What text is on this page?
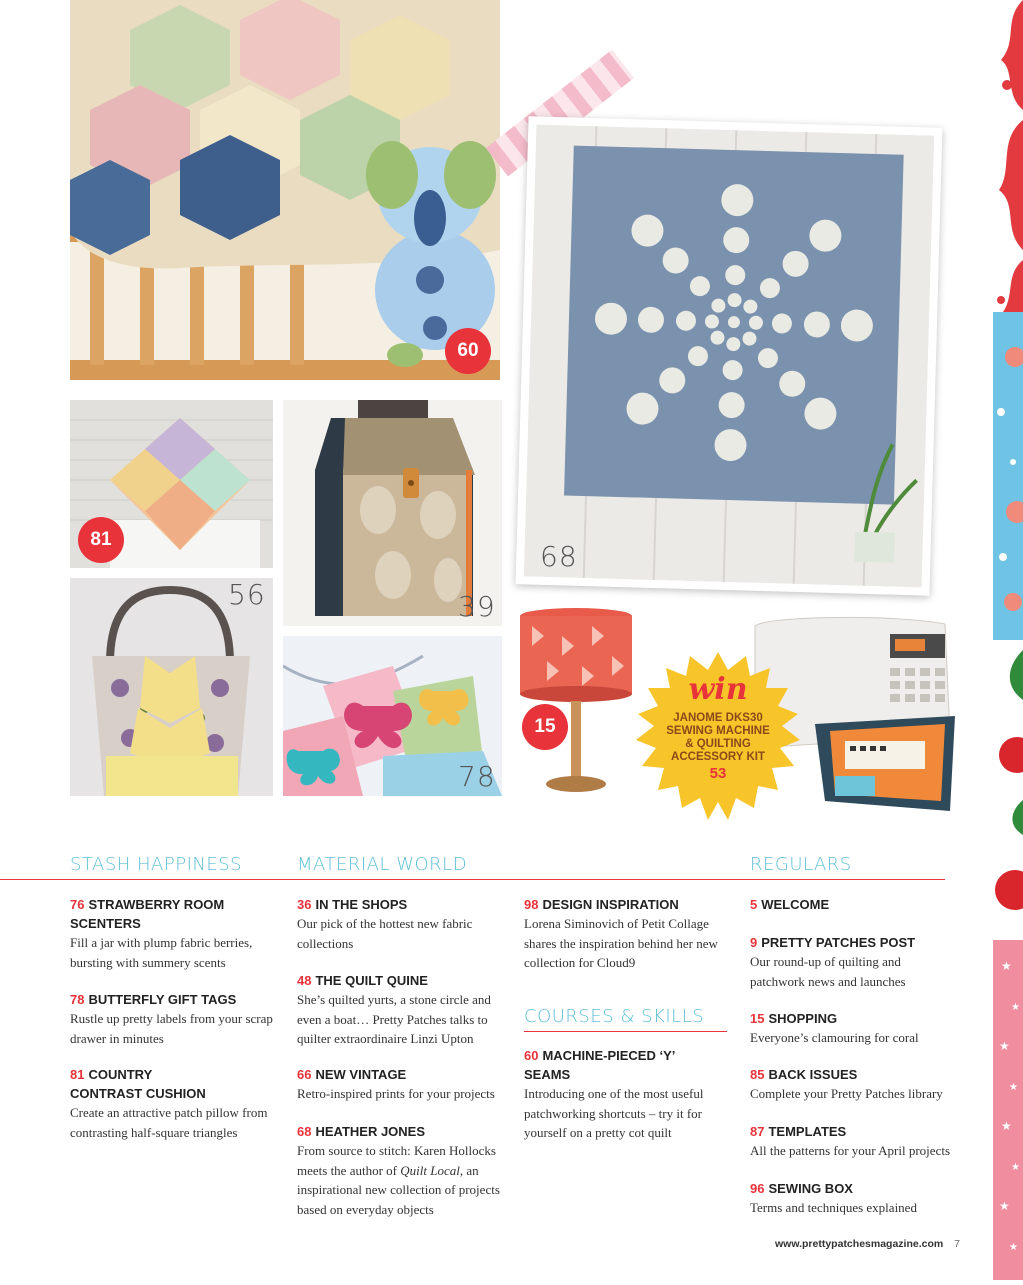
★
★
★
★
★
★
★
★
60
68
81
39
56
78
15
win
JANOME DKS30
SEWING MACHINE
& QUILTING
ACCESSORY KIT
53
STASH HAPPINESS	MATERIAL WORLD	REGULARS
76 STRAWBERRY ROOM SCENTERS
Fill a jar with plump fabric berries, bursting with summery scents
78 BUTTERFLY GIFT TAGS
Rustle up pretty labels from your scrap drawer in minutes
81 COUNTRY CONTRAST CUSHION
Create an attractive patch pillow from contrasting half-square triangles
36 IN THE SHOPS
Our pick of the hottest new fabric collections
48 THE QUILT QUINE
She’s quilted yurts, a stone circle and even a boat… Pretty Patches talks to quilter extraordinaire Linzi Upton
66 NEW VINTAGE
Retro-inspired prints for your projects
68 HEATHER JONES
From source to stitch: Karen Hollocks meets the author of Quilt Local, an inspirational new collection of projects based on everyday objects
98 DESIGN INSPIRATION
Lorena Siminovich of Petit Collage shares the inspiration behind her new collection for Cloud9
COURSES & SKILLS
60 MACHINE-PIECED ‘Y’ SEAMS
Introducing one of the most useful patchworking shortcuts – try it for yourself on a pretty cot quilt
5 WELCOME
9 PRETTY PATCHES POST
Our round-up of quilting and patchwork news and launches
15 SHOPPING
Everyone’s clamouring for coral
85 BACK ISSUES
Complete your Pretty Patches library
87 TEMPLATES
All the patterns for your April projects
96 SEWING BOX
Terms and techniques explained
www.prettypatchesmagazine.com 7
